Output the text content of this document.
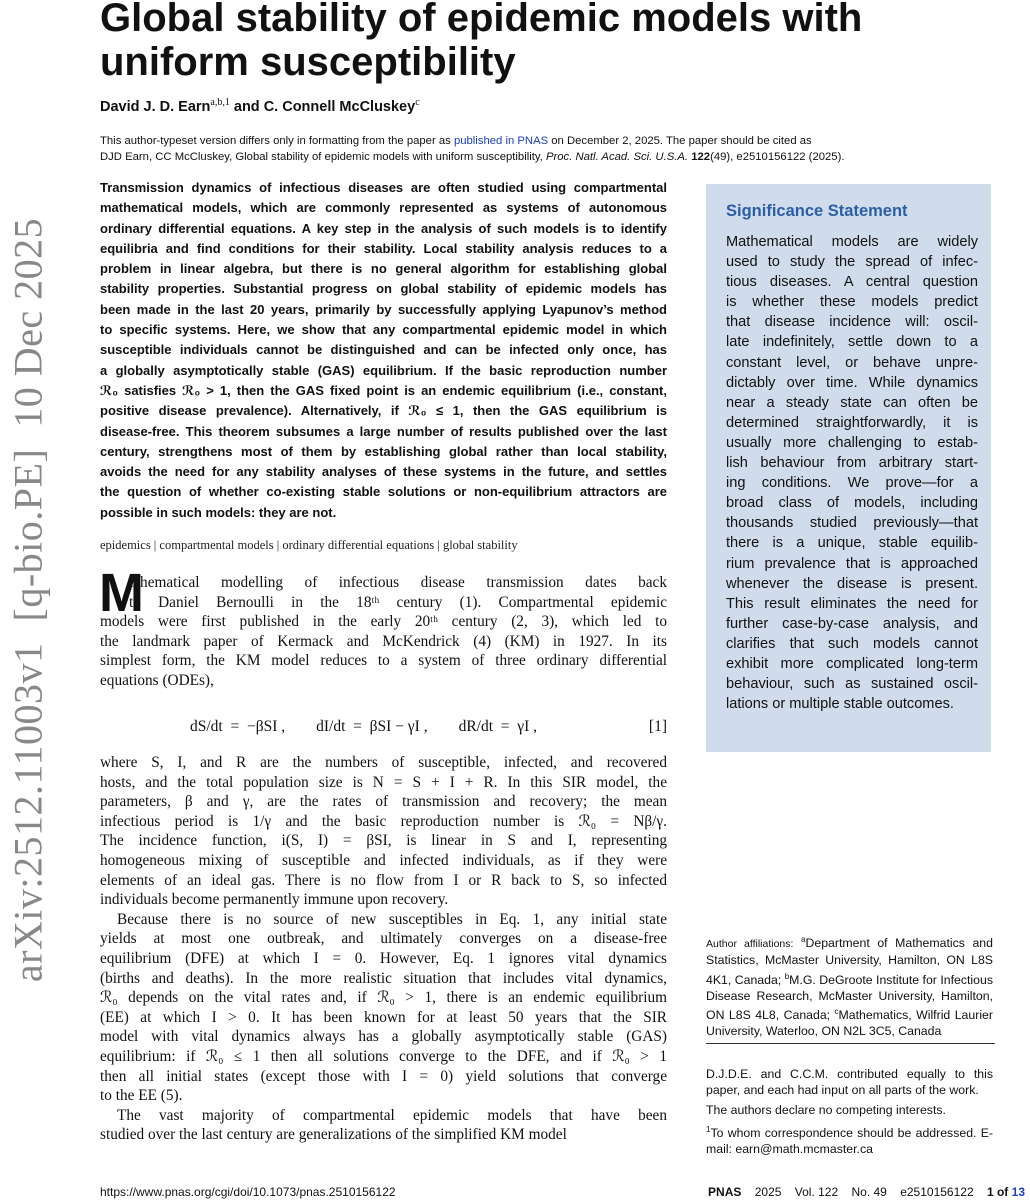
arXiv:2512.11003v1  [q-bio.PE]  10 Dec 2025
Global stability of epidemic models with
uniform susceptibility
David J. D. Earn$^{a,b,1}$ and C. Connell McCluskey$^c$
This author-typeset version differs only in formatting from the paper as published in PNAS on December 2, 2025. The paper should be cited as
DJD Earn, CC McCluskey, Global stability of epidemic models with uniform susceptibility, Proc. Natl. Acad. Sci. U.S.A. 122(49), e2510156122 (2025).
Transmission dynamics of infectious diseases are often studied using compartmental
mathematical models, which are commonly represented as systems of autonomous
ordinary differential equations. A key step in the analysis of such models is to identify
equilibria and find conditions for their stability. Local stability analysis reduces to a
problem in linear algebra, but there is no general algorithm for establishing global
stability properties. Substantial progress on global stability of epidemic models has
been made in the last 20 years, primarily by successfully applying Lyapunov’s method
to specific systems. Here, we show that any compartmental epidemic model in which
susceptible individuals cannot be distinguished and can be infected only once, has
a globally asymptotically stable (GAS) equilibrium. If the basic reproduction number
ℛ₀ satisfies ℛ₀ > 1, then the GAS fixed point is an endemic equilibrium (i.e., constant,
positive disease prevalence). Alternatively, if ℛ₀ ≤ 1, then the GAS equilibrium is
disease-free. This theorem subsumes a large number of results published over the last
century, strengthens most of them by establishing global rather than local stability,
avoids the need for any stability analyses of these systems in the future, and settles
the question of whether co-existing stable solutions or non-equilibrium attractors are
possible in such models: they are not.
epidemics | compartmental models | ordinary differential equations | global stability
M
athematical modelling of infectious disease transmission dates back
to Daniel Bernoulli in the 18ᵗʰ century (1). Compartmental epidemic
models were first published in the early 20ᵗʰ century (2, 3), which led to
the landmark paper of Kermack and McKendrick (4) (KM) in 1927. In its
simplest form, the KM model reduces to a system of three ordinary differential
equations (ODEs),
dS/dt  =  −βSI ,        dI/dt  =  βSI − γI ,        dR/dt  =  γI ,	[1]
where S, I, and R are the numbers of susceptible, infected, and recovered
hosts, and the total population size is N = S + I + R. In this SIR model, the
parameters, β and γ, are the rates of transmission and recovery; the mean
infectious period is 1/γ and the basic reproduction number is ℛ₀ = Nβ/γ.
The incidence function, i(S, I) = βSI, is linear in S and I, representing
homogeneous mixing of susceptible and infected individuals, as if they were
elements of an ideal gas. There is no flow from I or R back to S, so infected
individuals become permanently immune upon recovery.
Because there is no source of new susceptibles in Eq. 1, any initial state
yields at most one outbreak, and ultimately converges on a disease-free
equilibrium (DFE) at which I = 0. However, Eq. 1 ignores vital dynamics
(births and deaths). In the more realistic situation that includes vital dynamics,
ℛ₀ depends on the vital rates and, if ℛ₀ > 1, there is an endemic equilibrium
(EE) at which I > 0. It has been known for at least 50 years that the SIR
model with vital dynamics always has a globally asymptotically stable (GAS)
equilibrium: if ℛ₀ ≤ 1 then all solutions converge to the DFE, and if ℛ₀ > 1
then all initial states (except those with I = 0) yield solutions that converge
to the EE (5).
The vast majority of compartmental epidemic models that have been
studied over the last century are generalizations of the simplified KM model
Significance Statement
Mathematical models are widely
used to study the spread of infec-
tious diseases. A central question
is whether these models predict
that disease incidence will: oscil-
late indefinitely, settle down to a
constant level, or behave unpre-
dictably over time. While dynamics
near a steady state can often be
determined straightforwardly, it is
usually more challenging to estab-
lish behaviour from arbitrary start-
ing conditions. We prove—for a
broad class of models, including
thousands studied previously—that
there is a unique, stable equilib-
rium prevalence that is approached
whenever the disease is present.
This result eliminates the need for
further case-by-case analysis, and
clarifies that such models cannot
exhibit more complicated long-term
behaviour, such as sustained oscil-
lations or multiple stable outcomes.
Author affiliations: $^a$Department of Mathematics and Statistics, McMaster University, Hamilton, ON L8S 4K1, Canada; $^b$M.G. DeGroote Institute for Infectious Disease Research, McMaster University, Hamilton, ON L8S 4L8, Canada; $^c$Mathematics, Wilfrid Laurier University, Waterloo, ON N2L 3C5, Canada

D.J.D.E. and C.C.M. contributed equally to this paper, and each had input on all parts of the work.

The authors declare no competing interests.

$^1$To whom correspondence should be addressed. E-mail: earn@math.mcmaster.ca

https://www.pnas.org/cgi/doi/10.1073/pnas.2510156122	PNAS 2025 Vol. 122 No. 49 e2510156122 1 of 13
